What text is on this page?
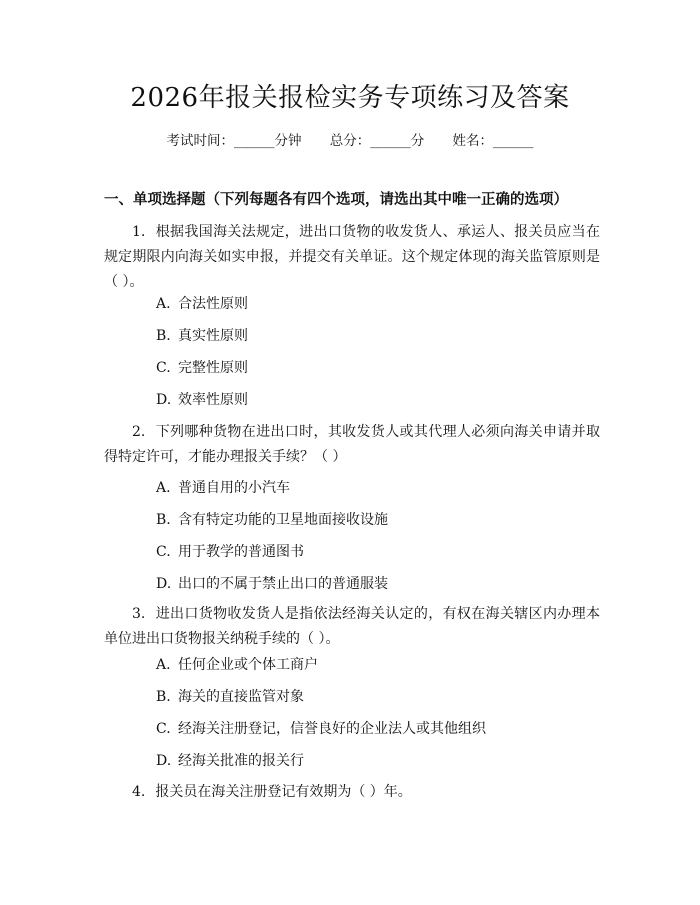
2026年报关报检实务专项练习及答案
考试时间：______分钟 总分：______分 姓名：______
一、单项选择题（下列每题各有四个选项，请选出其中唯一正确的选项）
1. 根据我国海关法规定，进出口货物的收发货人、承运人、报关员应当在规定期限内向海关如实申报，并提交有关单证。这个规定体现的海关监管原则是（ ）。
A. 合法性原则
B. 真实性原则
C. 完整性原则
D. 效率性原则
2. 下列哪种货物在进出口时，其收发货人或其代理人必须向海关申请并取得特定许可，才能办理报关手续？（ ）
A. 普通自用的小汽车
B. 含有特定功能的卫星地面接收设施
C. 用于教学的普通图书
D. 出口的不属于禁止出口的普通服装
3. 进出口货物收发货人是指依法经海关认定的，有权在海关辖区内办理本单位进出口货物报关纳税手续的（ ）。
A. 任何企业或个体工商户
B. 海关的直接监管对象
C. 经海关注册登记，信誉良好的企业法人或其他组织
D. 经海关批准的报关行
4. 报关员在海关注册登记有效期为（ ）年。
